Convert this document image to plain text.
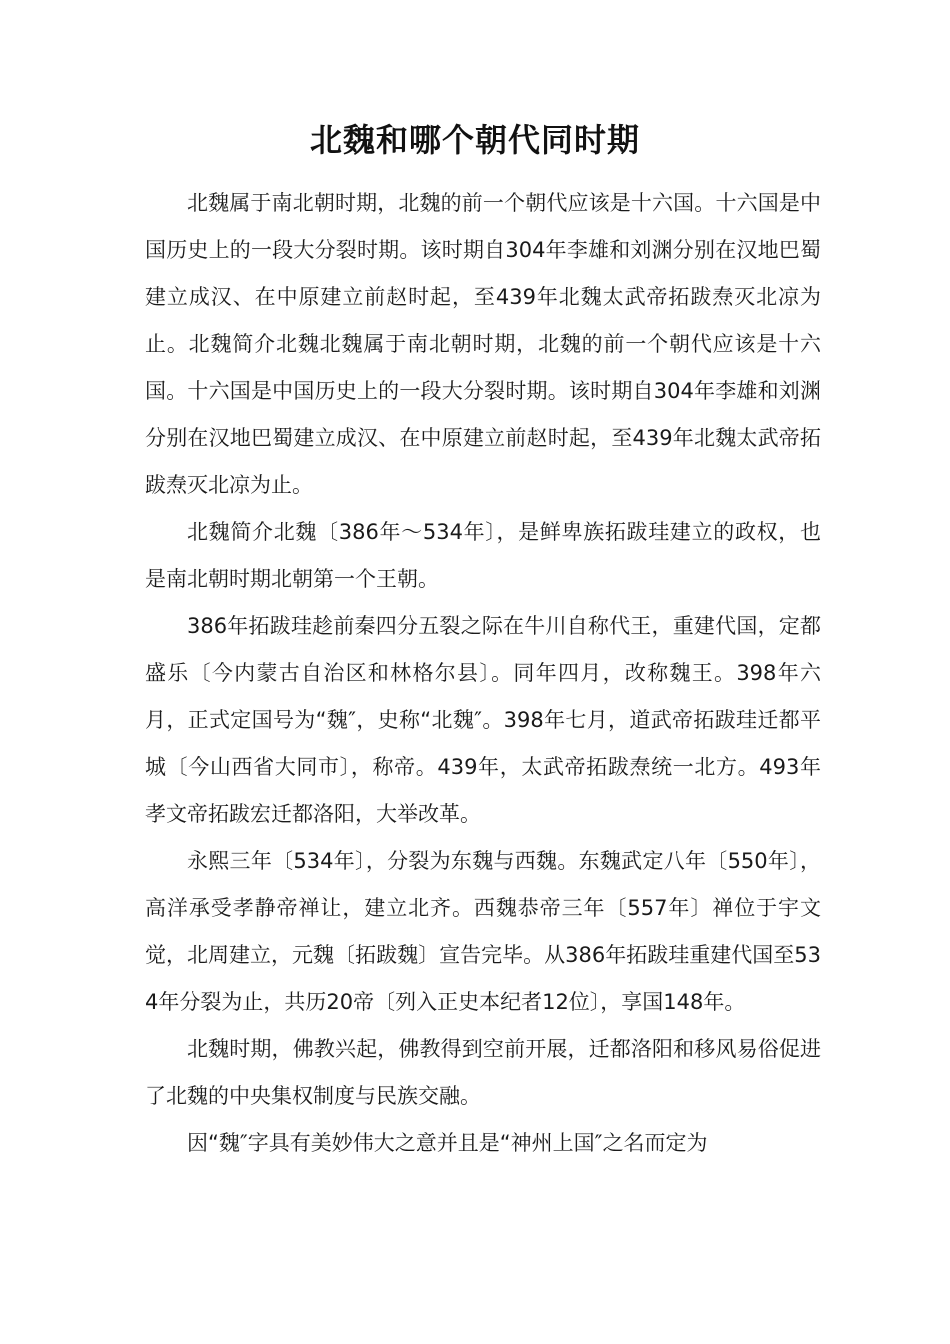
北魏和哪个朝代同时期

北魏属于南北朝时期，北魏的前一个朝代应该是十六国。十六国是中国历史上的一段大分裂时期。该时期自304年李雄和刘渊分别在汉地巴蜀建立成汉、在中原建立前赵时起，至439年北魏太武帝拓跋焘灭北凉为止。北魏简介北魏北魏属于南北朝时期，北魏的前一个朝代应该是十六国。十六国是中国历史上的一段大分裂时期。该时期自304年李雄和刘渊分别在汉地巴蜀建立成汉、在中原建立前赵时起，至439年北魏太武帝拓跋焘灭北凉为止。

北魏简介北魏〔386年～534年〕，是鲜卑族拓跋珪建立的政权，也是南北朝时期北朝第一个王朝。

386年拓跋珪趁前秦四分五裂之际在牛川自称代王，重建代国，定都盛乐〔今内蒙古自治区和林格尔县〕。同年四月，改称魏王。398年六月，正式定国号为“魏″，史称“北魏″。398年七月，道武帝拓跋珪迁都平城〔今山西省大同市〕，称帝。439年，太武帝拓跋焘统一北方。493年孝文帝拓跋宏迁都洛阳，大举改革。

永熙三年〔534年〕，分裂为东魏与西魏。东魏武定八年〔550年〕，高洋承受孝静帝禅让，建立北齐。西魏恭帝三年〔557年〕禅位于宇文觉，北周建立，元魏〔拓跋魏〕宣告完毕。从386年拓跋珪重建代国至534年分裂为止，共历20帝〔列入正史本纪者12位〕，享国148年。

北魏时期，佛教兴起，佛教得到空前开展，迁都洛阳和移风易俗促进了北魏的中央集权制度与民族交融。

因“魏″字具有美妙伟大之意并且是“神州上国″之名而定为
